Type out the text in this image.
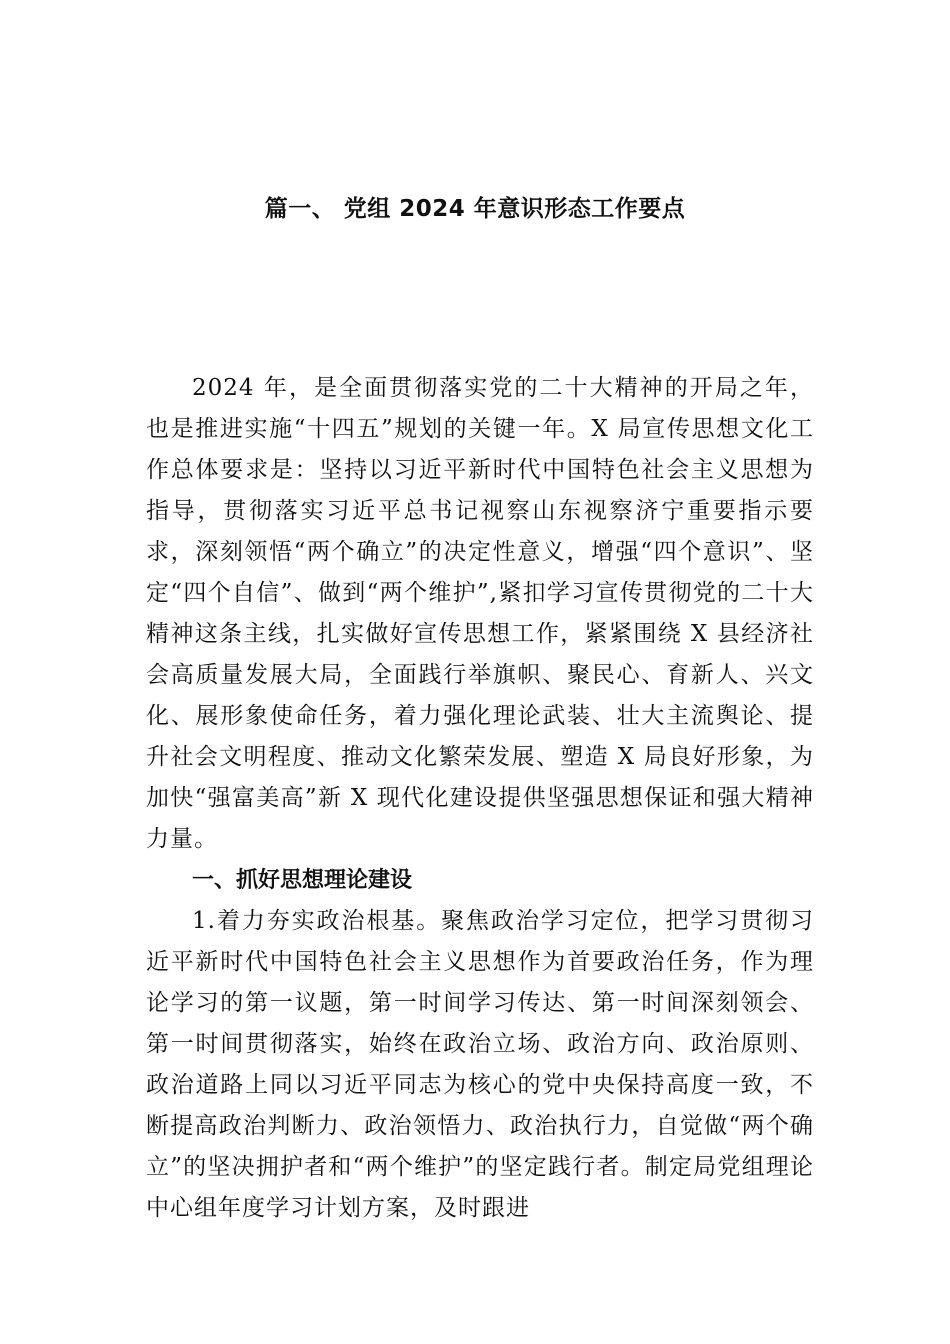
篇一、 党组 2024 年意识形态工作要点

2024 年，是全面贯彻落实党的二十大精神的开局之年，也是推进实施“十四五”规划的关键一年。X 局宣传思想文化工作总体要求是：坚持以习近平新时代中国特色社会主义思想为指导，贯彻落实习近平总书记视察山东视察济宁重要指示要求，深刻领悟“两个确立”的决定性意义，增强“四个意识”、坚定“四个自信”、做到“两个维护”,紧扣学习宣传贯彻党的二十大精神这条主线，扎实做好宣传思想工作，紧紧围绕 X 县经济社会高质量发展大局，全面践行举旗帜、聚民心、育新人、兴文化、展形象使命任务，着力强化理论武装、壮大主流舆论、提升社会文明程度、推动文化繁荣发展、塑造 X 局良好形象，为加快“强富美高”新 X 现代化建设提供坚强思想保证和强大精神力量。

一、抓好思想理论建设

1.着力夯实政治根基。聚焦政治学习定位，把学习贯彻习近平新时代中国特色社会主义思想作为首要政治任务，作为理论学习的第一议题，第一时间学习传达、第一时间深刻领会、第一时间贯彻落实，始终在政治立场、政治方向、政治原则、政治道路上同以习近平同志为核心的党中央保持高度一致，不断提高政治判断力、政治领悟力、政治执行力，自觉做“两个确立”的坚决拥护者和“两个维护”的坚定践行者。制定局党组理论中心组年度学习计划方案，及时跟进
